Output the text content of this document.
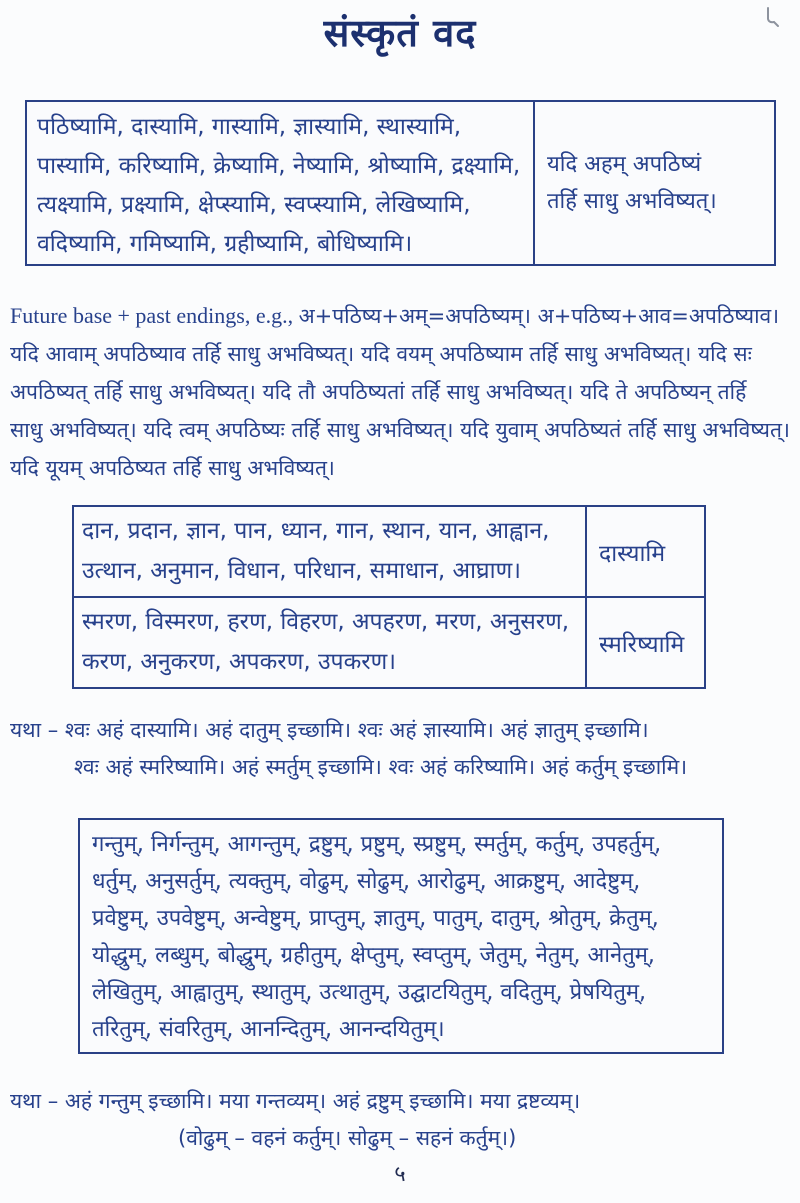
संस्कृतं वद
पठिष्यामि, दास्यामि, गास्यामि, ज्ञास्यामि, स्थास्यामि,
पास्यामि, करिष्यामि, क्रेष्यामि, नेष्यामि, श्रोष्यामि, द्रक्ष्यामि,
त्यक्ष्यामि, प्रक्ष्यामि, क्षेप्स्यामि, स्वप्स्यामि, लेखिष्यामि,
वदिष्यामि, गमिष्यामि, ग्रहीष्यामि, बोधिष्यामि।
यदि अहम् अपठिष्यं
तर्हि साधु अभविष्यत्।
Future base + past endings, e.g., अ+पठिष्य+अम्=अपठिष्यम्। अ+पठिष्य+आव=अपठिष्याव।
यदि आवाम् अपठिष्याव तर्हि साधु अभविष्यत्। यदि वयम् अपठिष्याम तर्हि साधु अभविष्यत्। यदि सः
अपठिष्यत् तर्हि साधु अभविष्यत्। यदि तौ अपठिष्यतां तर्हि साधु अभविष्यत्। यदि ते अपठिष्यन् तर्हि
साधु अभविष्यत्। यदि त्वम् अपठिष्यः तर्हि साधु अभविष्यत्। यदि युवाम् अपठिष्यतं तर्हि साधु अभविष्यत्।
यदि यूयम् अपठिष्यत तर्हि साधु अभविष्यत्।
दान, प्रदान, ज्ञान, पान, ध्यान, गान, स्थान, यान, आह्वान,
उत्थान, अनुमान, विधान, परिधान, समाधान, आघ्राण।
दास्यामि
स्मरण, विस्मरण, हरण, विहरण, अपहरण, मरण, अनुसरण,
करण, अनुकरण, अपकरण, उपकरण।
स्मरिष्यामि
यथा – श्वः अहं दास्यामि। अहं दातुम् इच्छामि। श्वः अहं ज्ञास्यामि। अहं ज्ञातुम् इच्छामि।
श्वः अहं स्मरिष्यामि। अहं स्मर्तुम् इच्छामि। श्वः अहं करिष्यामि। अहं कर्तुम् इच्छामि।
गन्तुम्, निर्गन्तुम्, आगन्तुम्, द्रष्टुम्, प्रष्टुम्, स्प्रष्टुम्, स्मर्तुम्, कर्तुम्, उपहर्तुम्,
धर्तुम्, अनुसर्तुम्, त्यक्तुम्, वोढुम्, सोढुम्, आरोढुम्, आक्रष्टुम्, आदेष्टुम्,
प्रवेष्टुम्, उपवेष्टुम्, अन्वेष्टुम्, प्राप्तुम्, ज्ञातुम्, पातुम्, दातुम्, श्रोतुम्, क्रेतुम्,
योद्धुम्, लब्धुम्, बोद्धुम्, ग्रहीतुम्, क्षेप्तुम्, स्वप्तुम्, जेतुम्, नेतुम्, आनेतुम्,
लेखितुम्, आह्वातुम्, स्थातुम्, उत्थातुम्, उद्घाटयितुम्, वदितुम्, प्रेषयितुम्,
तरितुम्, संवरितुम्, आनन्दितुम्, आनन्दयितुम्।
यथा – अहं गन्तुम् इच्छामि। मया गन्तव्यम्। अहं द्रष्टुम् इच्छामि। मया द्रष्टव्यम्।
(वोढुम् – वहनं कर्तुम्। सोढुम् – सहनं कर्तुम्।)
५
